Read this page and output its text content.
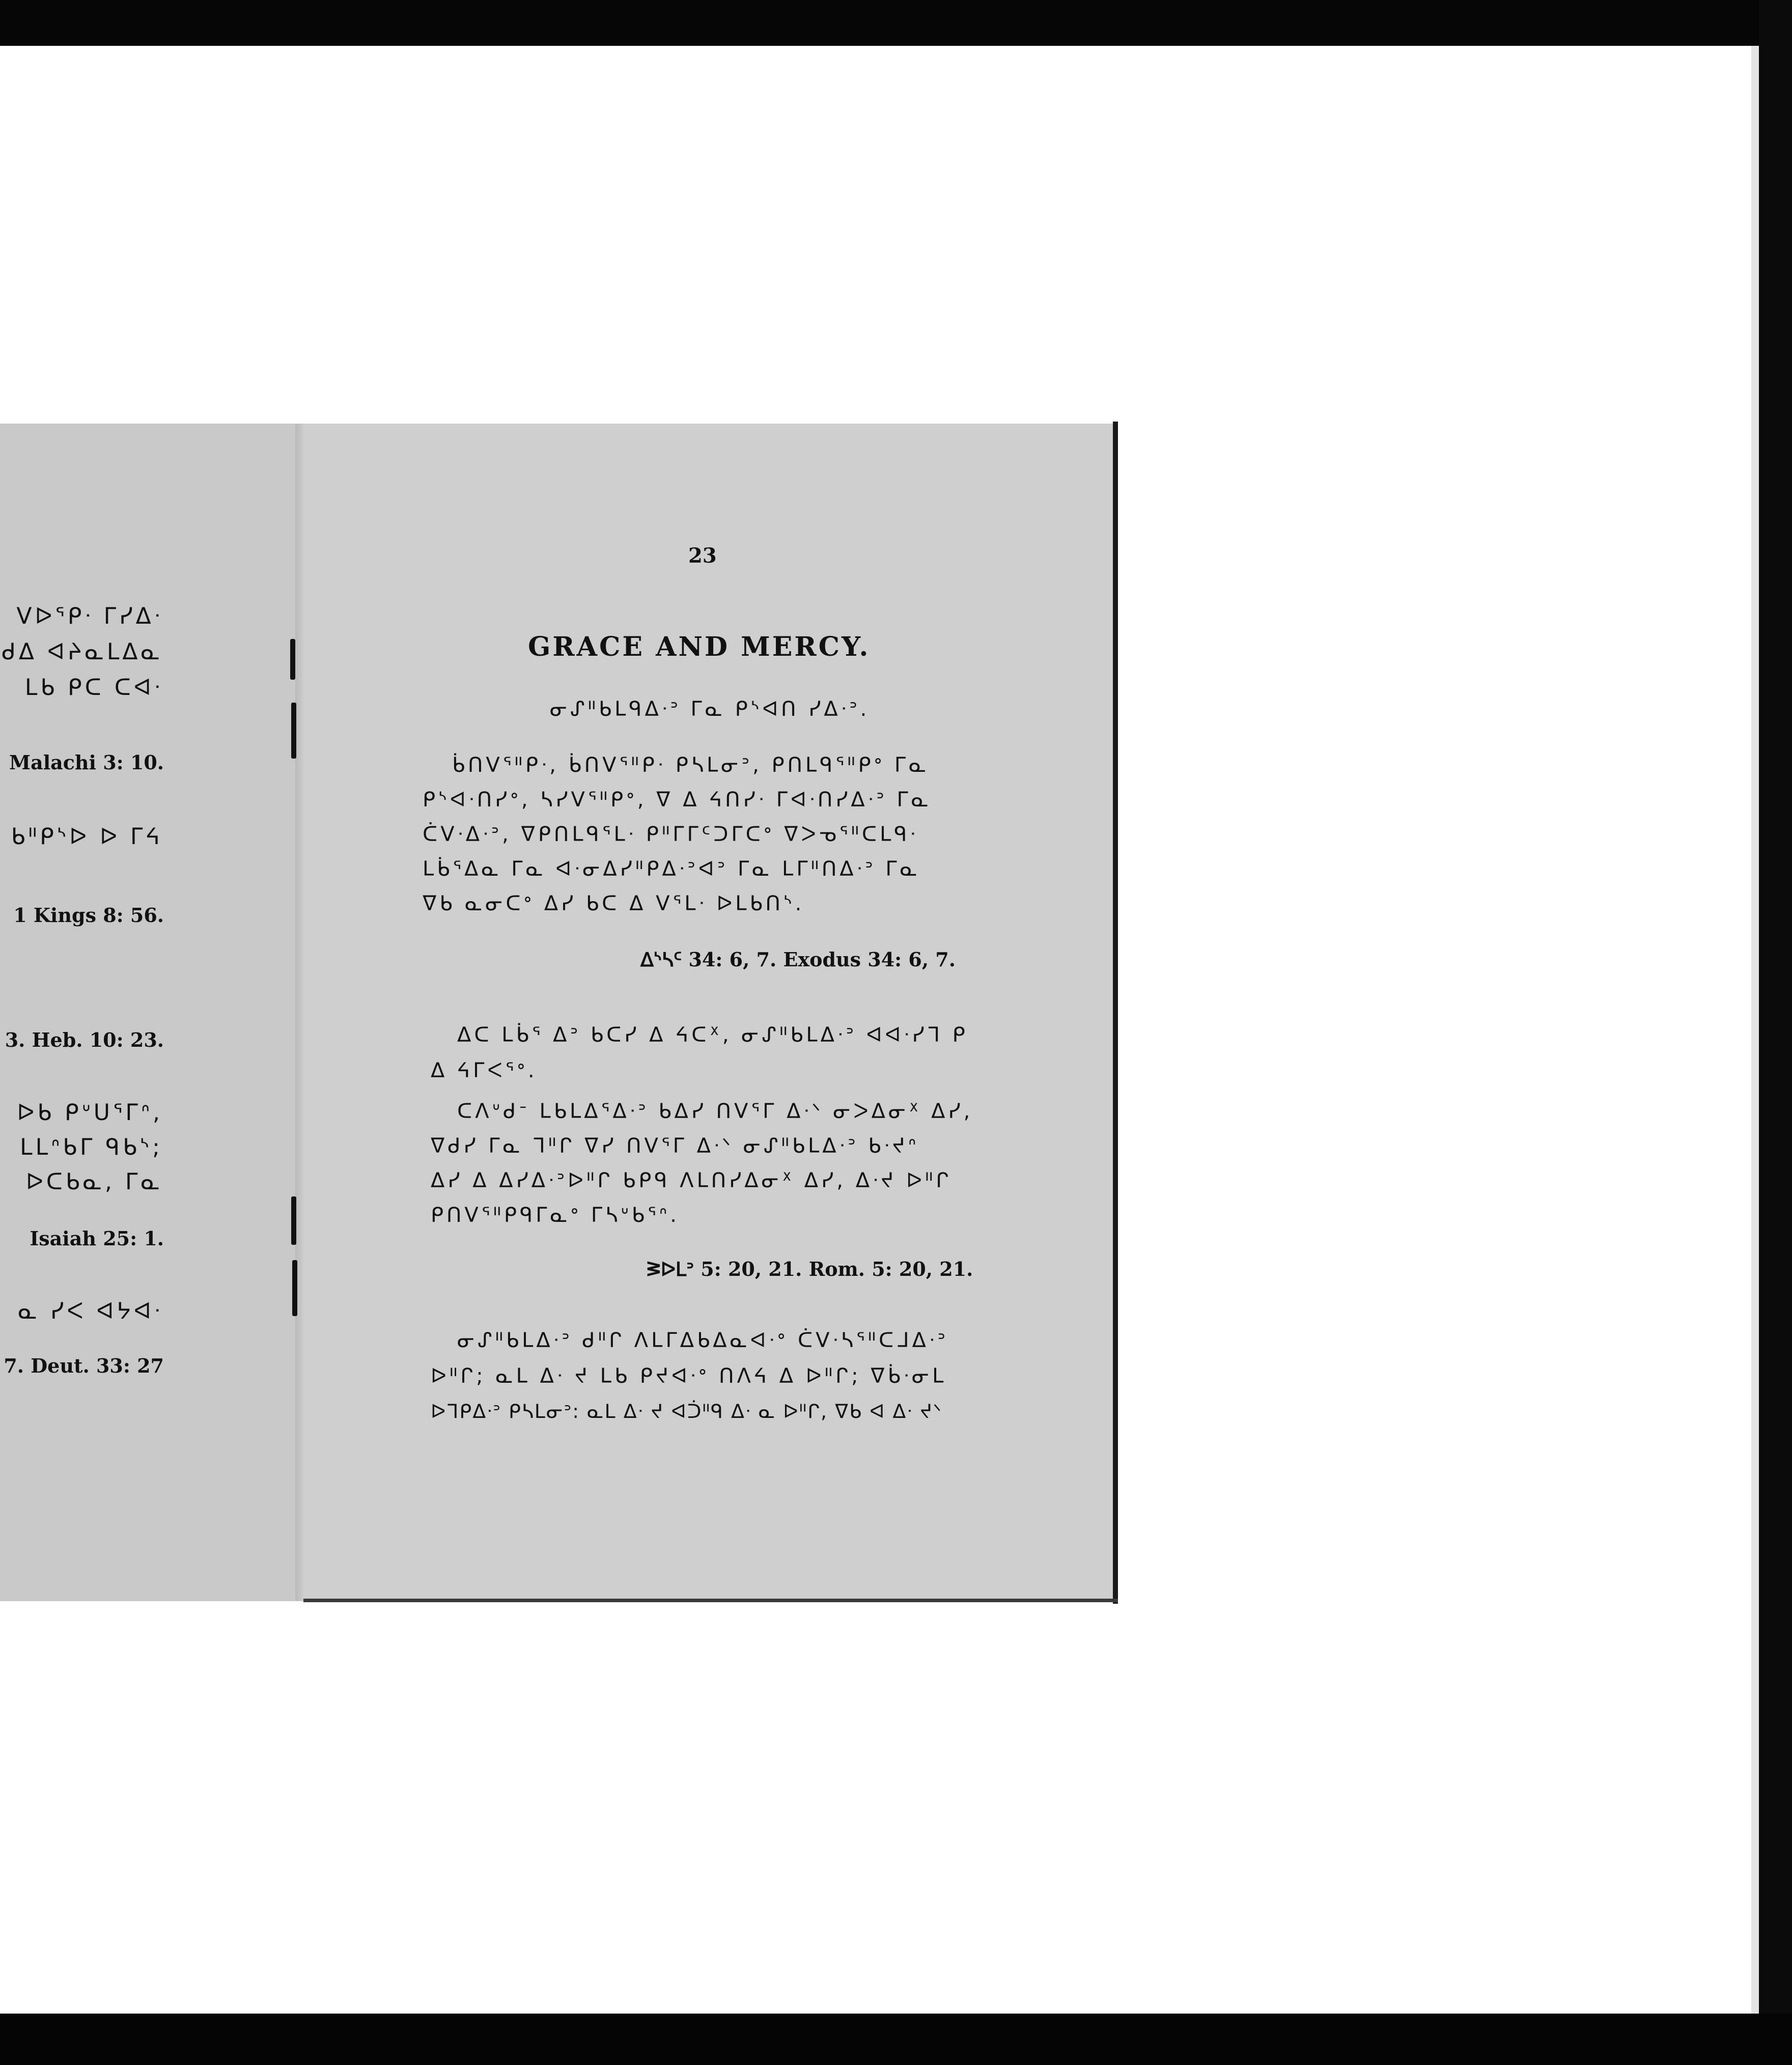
ᐯᐅᕐᑭᐧ ᒥᓯᐃᐧ
ᑯᐃ ᐊᔨᓇᒪᐃᓇ
ᒪᑲ ᑭᑕ ᑕᐊᐧ
Malachi 3: 10.
ᑲᐦᑭᔅᐅ ᐅ ᒥᔦ
1 Kings 8: 56.
3. Heb. 10: 23.
ᐅᑲ ᑭᐡᑌᕐᒥᐢ,
ᒪᒪᐢᑲᒥ ᑫᑲᔅ;
ᐅᑕᑲᓇ, ᒥᓇ
Isaiah 25: 1.
ᓇ ᓯᐸ ᐊᔭᐊᐧ
7. Deut. 33: 27
23
GRACE AND MERCY.
ᓂᔑᐦᑲᒪᑫᐃᐧᐣ ᒥᓇ ᑭᔅᐊᑎ ᓯᐃᐧᐣ.
ᑳᑎᐯᕐᐦᑭᐧ, ᑳᑎᐯᕐᐦᑭᐧ ᑭᓴᒪᓂᐣ, ᑭᑎᒪᑫᕐᐦᑭᐤ ᒥᓇ
ᑭᔅᐊᐧᑎᓯᐤ, ᓴᓯᐯᕐᐦᑭᐤ, ᐁ ᐃ ᔦᑎᓯᐧ ᒥᐊᐧᑎᓯᐃᐧᐣ ᒥᓇ
ᑖᐯᐧᐃᐧᐣ, ᐁᑭᑎᒪᑫᕐᒪᐧ ᑭᐦᒥᒥᑦᑐᒥᑕᐤ ᐁᐳᓀᕐᐦᑕᒪᑫᐧ
ᒪᑳᕐᐃᓇ ᒥᓇ ᐊᐧᓂᐃᓯᐦᑭᐃᐧᐣᐊᐣ ᒥᓇ ᒪᒥᐦᑎᐃᐧᐣ ᒥᓇ
ᐁᑲ ᓇᓂᑕᐤ ᐃᓯ ᑲᑕ ᐃ ᐯᕐᒪᐧ ᐅᒪᑲᑎᔅ.
ᐃᔅᓴᑦ 34: 6, 7. Exodus 34: 6, 7.
ᐃᑕ ᒪᑳᕐ ᐃᐣ ᑲᑕᓯ ᐃ ᔦᑕᕽ, ᓂᔑᐦᑲᒪᐃᐧᐣ ᐊᐊᐧᓯᒣ ᑭ
ᐃ ᔦᒥᐸᕐᐤ.
ᑕᐱᐡᑯᐨ ᒪᑲᒪᐃᕐᐃᐧᐣ ᑲᐃᓯ ᑎᐯᕐᒥ ᐃᐧᐠ ᓂᐳᐃᓂᕽ ᐃᓯ,
ᐁᑯᓯ ᒥᓇ ᒣᐦᒋ ᐁᓯ ᑎᐯᕐᒥ ᐃᐧᐠ ᓂᔑᐦᑲᒪᐃᐧᐣ ᑲᐧᔪᐢ
ᐃᓯ ᐃ ᐃᓯᐃᐧᐣᐅᐦᒋ ᑲᑭᑫ ᐱᒪᑎᓯᐃᓂᕽ ᐃᓯ, ᐃᐧᔪ ᐅᐦᒋ
ᑭᑎᐯᕐᐦᑭᑫᒥᓇᐤ ᒥᓴᐡᑲᕐᐢ.
ᕒᐅᒪᐣ 5: 20, 21. Rom. 5: 20, 21.
ᓂᔑᐦᑲᒪᐃᐧᐣ ᑯᐦᒋ ᐱᒪᒥᐃᑲᐃᓇᐊᐧᐤ ᑖᐯᐧᓴᕐᐦᑕᒧᐃᐧᐣ
ᐅᐦᒋ; ᓇᒪ ᐃᐧ ᔪ ᒪᑲ ᑭᔪᐊᐧᐤ ᑎᐱᔦ ᐃ ᐅᐦᒋ; ᐁᑳᐧᓂᒪ
ᐅᒣᑭᐃᐧᐣ ᑭᓴᒪᓂᐣ: ᓇᒪ ᐃᐧ ᔪ ᐊᑑᐦᑫ ᐃᐧ ᓇ ᐅᐦᒋ, ᐁᑲ ᐊ ᐃᐧ ᔪᐠ
